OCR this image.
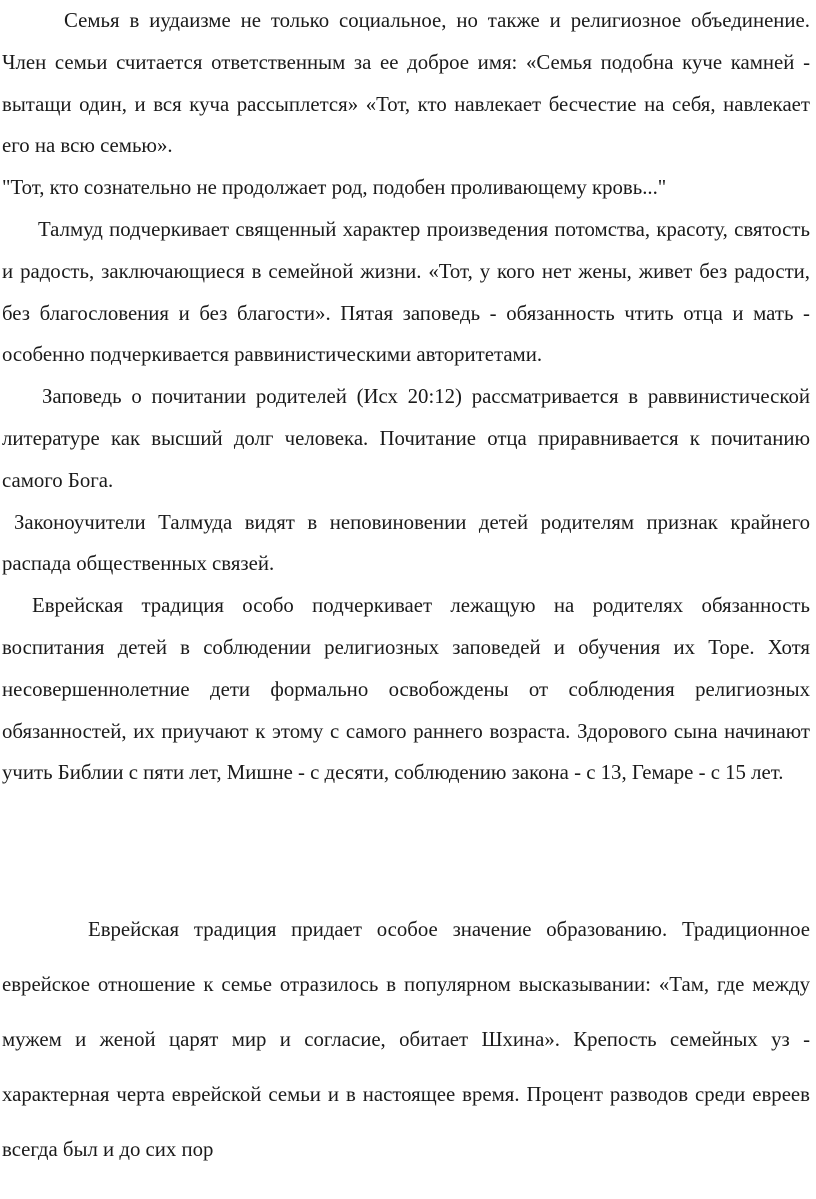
Семья в иудаизме не только социальное, но также и религиозное объединение. Член семьи считается ответственным за ее доброе имя: «Семья подобна куче камней - вытащи один, и вся куча рассыплется» «Тот, кто навлекает бесчестие на себя, навлекает его на всю семью».

"Тот, кто сознательно не продолжает род, подобен проливающему кровь..."

Талмуд подчеркивает священный характер произведения потомства, красоту, святость и радость, заключающиеся в семейной жизни. «Тот, у кого нет жены, живет без радости, без благословения и без благости». Пятая заповедь - обязанность чтить отца и мать - особенно подчеркивается раввинистическими авторитетами.

Заповедь о почитании родителей (Исх 20:12) рассматривается в раввинистической литературе как высший долг человека. Почитание отца приравнивается к почитанию самого Бога.

Законоучители Талмуда видят в неповиновении детей родителям признак крайнего распада общественных связей.

Еврейская традиция особо подчеркивает лежащую на родителях обязанность воспитания детей в соблюдении религиозных заповедей и обучения их Торе. Хотя несовершеннолетние дети формально освобождены от соблюдения религиозных обязанностей, их приучают к этому с самого раннего возраста. Здорового сына начинают учить Библии с пяти лет, Мишне - с десяти, соблюдению закона - с 13, Гемаре - с 15 лет.

Еврейская традиция придает особое значение образованию. Традиционное еврейское отношение к семье отразилось в популярном высказывании: «Там, где между мужем и женой царят мир и согласие, обитает Шхина». Крепость семейных уз - характерная черта еврейской семьи и в настоящее время. Процент разводов среди евреев всегда был и до сих пор
